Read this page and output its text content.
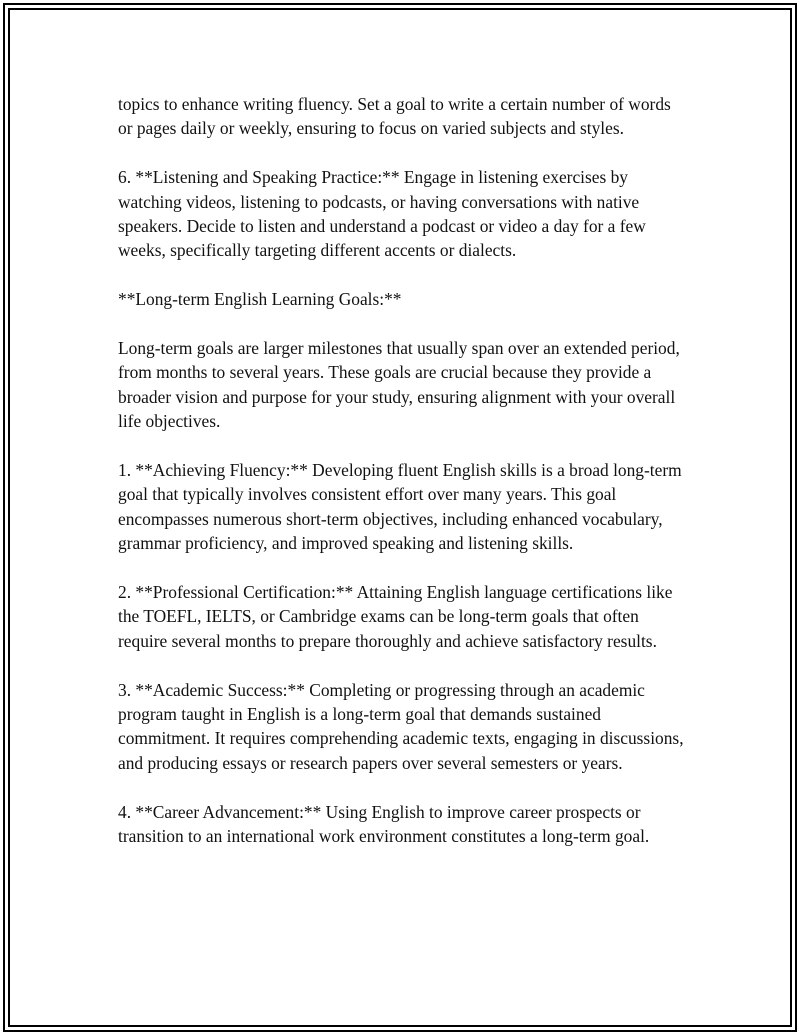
topics to enhance writing fluency. Set a goal to write a certain number of words or pages daily or weekly, ensuring to focus on varied subjects and styles.

6. **Listening and Speaking Practice:** Engage in listening exercises by watching videos, listening to podcasts, or having conversations with native speakers. Decide to listen and understand a podcast or video a day for a few weeks, specifically targeting different accents or dialects.

**Long-term English Learning Goals:**

Long-term goals are larger milestones that usually span over an extended period, from months to several years. These goals are crucial because they provide a broader vision and purpose for your study, ensuring alignment with your overall life objectives.

1. **Achieving Fluency:** Developing fluent English skills is a broad long-term goal that typically involves consistent effort over many years. This goal encompasses numerous short-term objectives, including enhanced vocabulary, grammar proficiency, and improved speaking and listening skills.

2. **Professional Certification:** Attaining English language certifications like the TOEFL, IELTS, or Cambridge exams can be long-term goals that often require several months to prepare thoroughly and achieve satisfactory results.

3. **Academic Success:** Completing or progressing through an academic program taught in English is a long-term goal that demands sustained commitment. It requires comprehending academic texts, engaging in discussions, and producing essays or research papers over several semesters or years.

4. **Career Advancement:** Using English to improve career prospects or transition to an international work environment constitutes a long-term goal.
